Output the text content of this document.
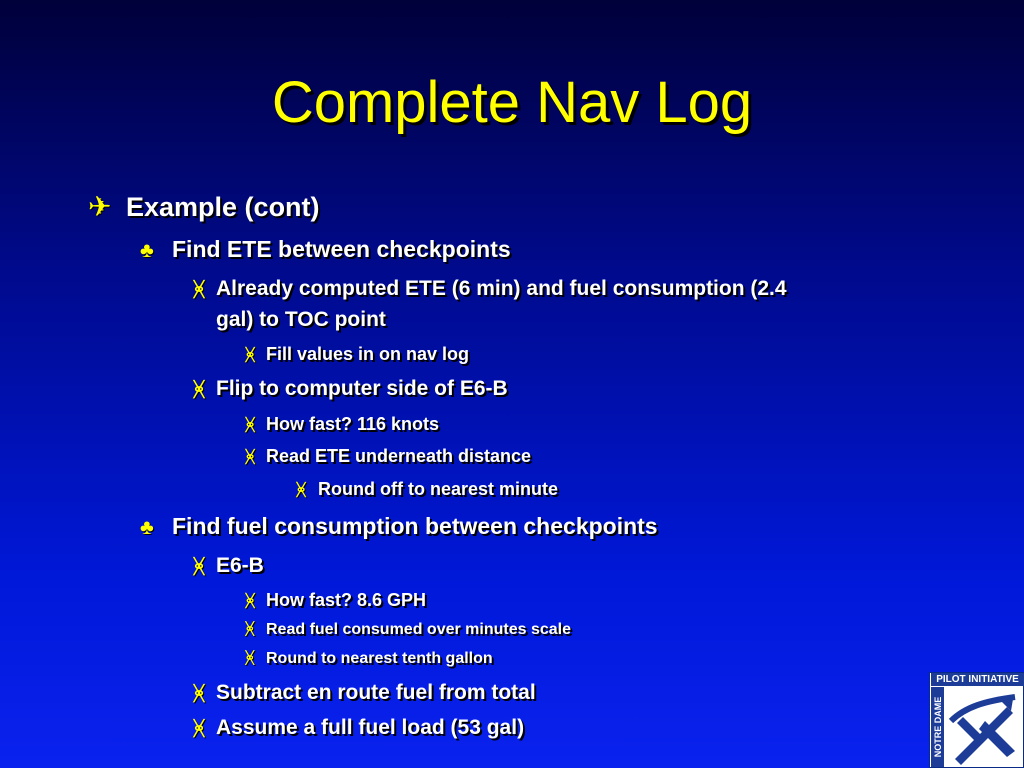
Complete Nav Log
✈ Example (cont)
♣ Find ETE between checkpoints
ᚸ Already computed ETE (6 min) and fuel consumption (2.4
gal) to TOC point
ᚸ Fill values in on nav log
ᚸ Flip to computer side of E6-B
ᚸ How fast? 116 knots
ᚸ Read ETE underneath distance
ᚸ Round off to nearest minute
♣ Find fuel consumption between checkpoints
ᚸ E6-B
ᚸ How fast? 8.6 GPH
ᚸ Read fuel consumed over minutes scale
ᚸ Round to nearest tenth gallon
ᚸ Subtract en route fuel from total
ᚸ Assume a full fuel load (53 gal)
PILOT INITIATIVE
NOTRE DAME
